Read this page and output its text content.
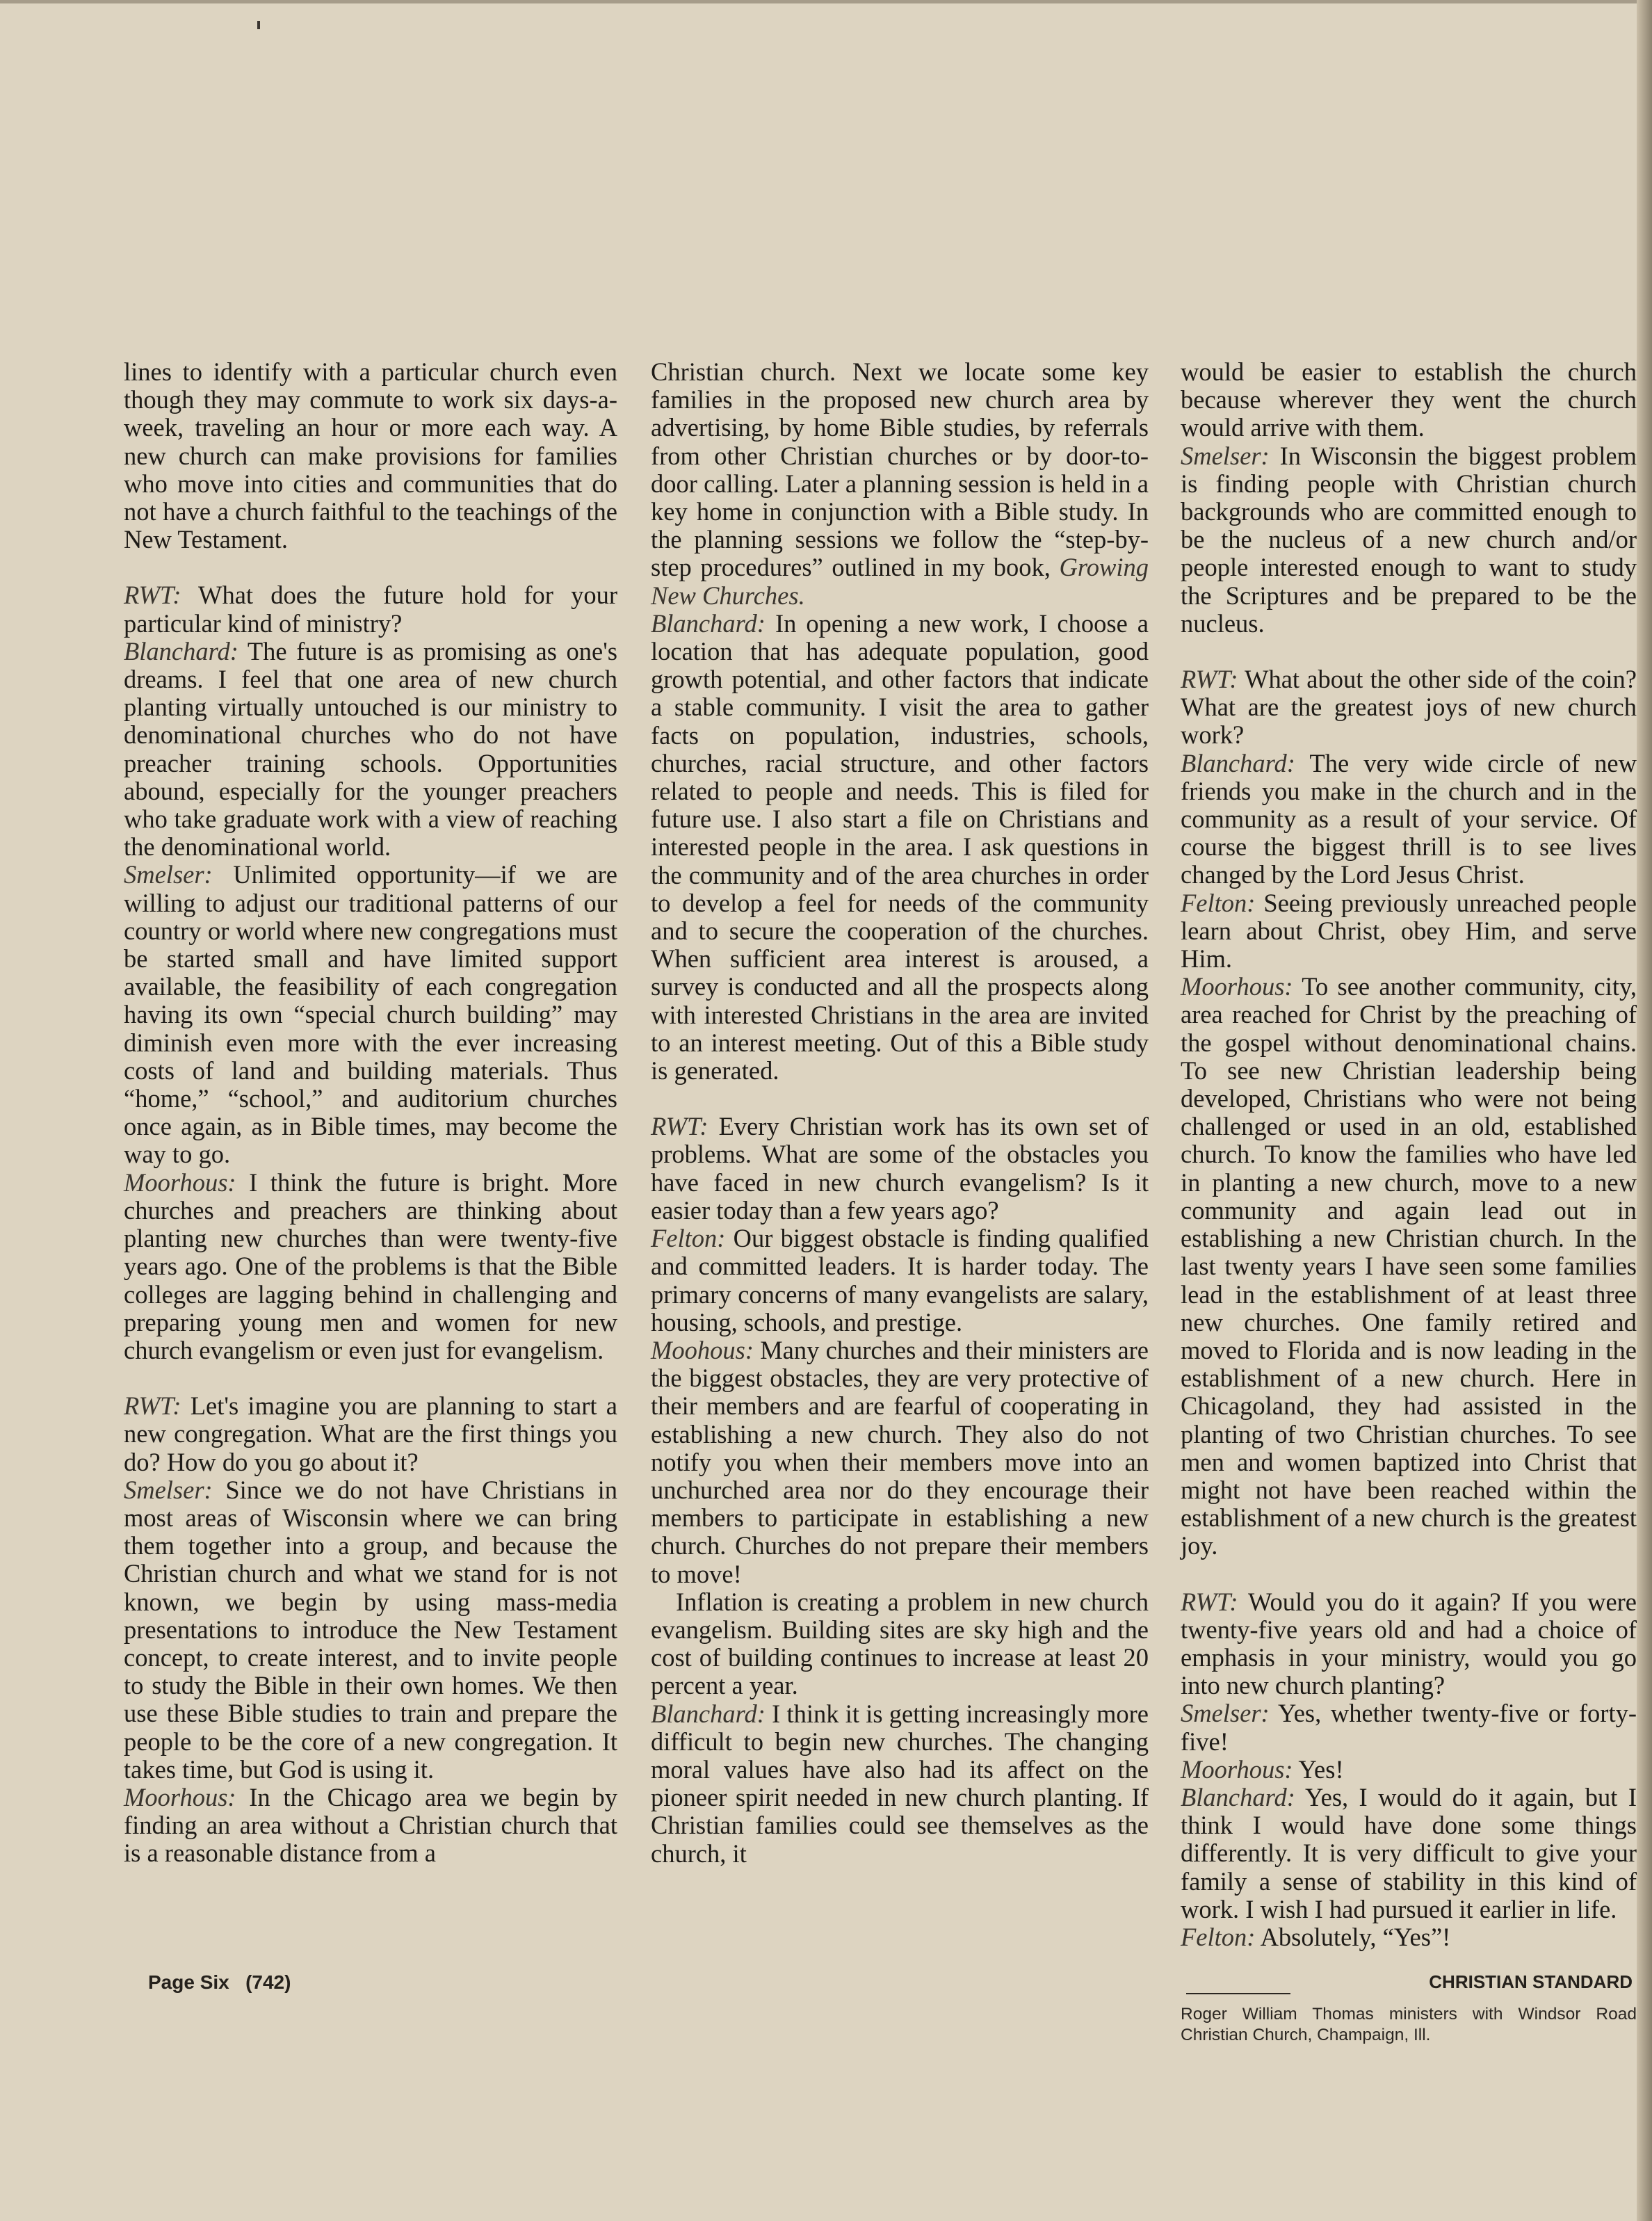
lines to identify with a particular church even though they may commute to work six days-a-week, traveling an hour or more each way. A new church can make provisions for families who move into cities and communities that do not have a church faithful to the teachings of the New Testament.

RWT: What does the future hold for your particular kind of ministry?

Blanchard: The future is as promising as one's dreams. I feel that one area of new church planting virtually untouched is our ministry to denominational churches who do not have preacher training schools. Opportunities abound, especially for the younger preachers who take graduate work with a view of reaching the denominational world.

Smelser: Unlimited opportunity—if we are willing to adjust our traditional patterns of our country or world where new congregations must be started small and have limited support available, the feasibility of each congregation having its own “special church building” may diminish even more with the ever increasing costs of land and building materials. Thus “home,” “school,” and auditorium churches once again, as in Bible times, may become the way to go.

Moorhous: I think the future is bright. More churches and preachers are thinking about planting new churches than were twenty-five years ago. One of the problems is that the Bible colleges are lagging behind in challenging and preparing young men and women for new church evangelism or even just for evangelism.

RWT: Let's imagine you are planning to start a new congregation. What are the first things you do? How do you go about it?

Smelser: Since we do not have Christians in most areas of Wisconsin where we can bring them together into a group, and because the Christian church and what we stand for is not known, we begin by using mass-media presentations to introduce the New Testament concept, to create interest, and to invite people to study the Bible in their own homes. We then use these Bible studies to train and prepare the people to be the core of a new congregation. It takes time, but God is using it.

Moorhous: In the Chicago area we begin by finding an area without a Christian church that is a reasonable distance from a

Christian church. Next we locate some key families in the proposed new church area by advertising, by home Bible studies, by referrals from other Christian churches or by door-to-door calling. Later a planning session is held in a key home in conjunction with a Bible study. In the planning sessions we follow the “step-by-step procedures” outlined in my book, Growing New Churches.

Blanchard: In opening a new work, I choose a location that has adequate population, good growth potential, and other factors that indicate a stable community. I visit the area to gather facts on population, industries, schools, churches, racial structure, and other factors related to people and needs. This is filed for future use. I also start a file on Christians and interested people in the area. I ask questions in the community and of the area churches in order to develop a feel for needs of the community and to secure the cooperation of the churches. When sufficient area interest is aroused, a survey is conducted and all the prospects along with interested Christians in the area are invited to an interest meeting. Out of this a Bible study is generated.

RWT: Every Christian work has its own set of problems. What are some of the obstacles you have faced in new church evangelism? Is it easier today than a few years ago?

Felton: Our biggest obstacle is finding qualified and committed leaders. It is harder today. The primary concerns of many evangelists are salary, housing, schools, and prestige.

Moohous: Many churches and their ministers are the biggest obstacles, they are very protective of their members and are fearful of cooperating in establishing a new church. They also do not notify you when their members move into an unchurched area nor do they encourage their members to participate in establishing a new church. Churches do not prepare their members to move!

Inflation is creating a problem in new church evangelism. Building sites are sky high and the cost of building continues to increase at least 20 percent a year.

Blanchard: I think it is getting increasingly more difficult to begin new churches. The changing moral values have also had its affect on the pioneer spirit needed in new church planting. If Christian families could see themselves as the church, it

would be easier to establish the church because wherever they went the church would arrive with them.

Smelser: In Wisconsin the biggest problem is finding people with Christian church backgrounds who are committed enough to be the nucleus of a new church and/or people interested enough to want to study the Scriptures and be prepared to be the nucleus.

RWT: What about the other side of the coin? What are the greatest joys of new church work?

Blanchard: The very wide circle of new friends you make in the church and in the community as a result of your service. Of course the biggest thrill is to see lives changed by the Lord Jesus Christ.

Felton: Seeing previously unreached people learn about Christ, obey Him, and serve Him.

Moorhous: To see another community, city, area reached for Christ by the preaching of the gospel without denominational chains. To see new Christian leadership being developed, Christians who were not being challenged or used in an old, established church. To know the families who have led in planting a new church, move to a new community and again lead out in establishing a new Christian church. In the last twenty years I have seen some families lead in the establishment of at least three new churches. One family retired and moved to Florida and is now leading in the establishment of a new church. Here in Chicagoland, they had assisted in the planting of two Christian churches. To see men and women baptized into Christ that might not have been reached within the establishment of a new church is the greatest joy.

RWT: Would you do it again? If you were twenty-five years old and had a choice of emphasis in your ministry, would you go into new church planting?

Smelser: Yes, whether twenty-five or forty-five!

Moorhous: Yes!

Blanchard: Yes, I would do it again, but I think I would have done some things differently. It is very difficult to give your family a sense of stability in this kind of work. I wish I had pursued it earlier in life.

Felton: Absolutely, “Yes”!

Roger William Thomas ministers with Windsor Road Christian Church, Champaign, Ill.

Page Six   (742)	CHRISTIAN STANDARD
